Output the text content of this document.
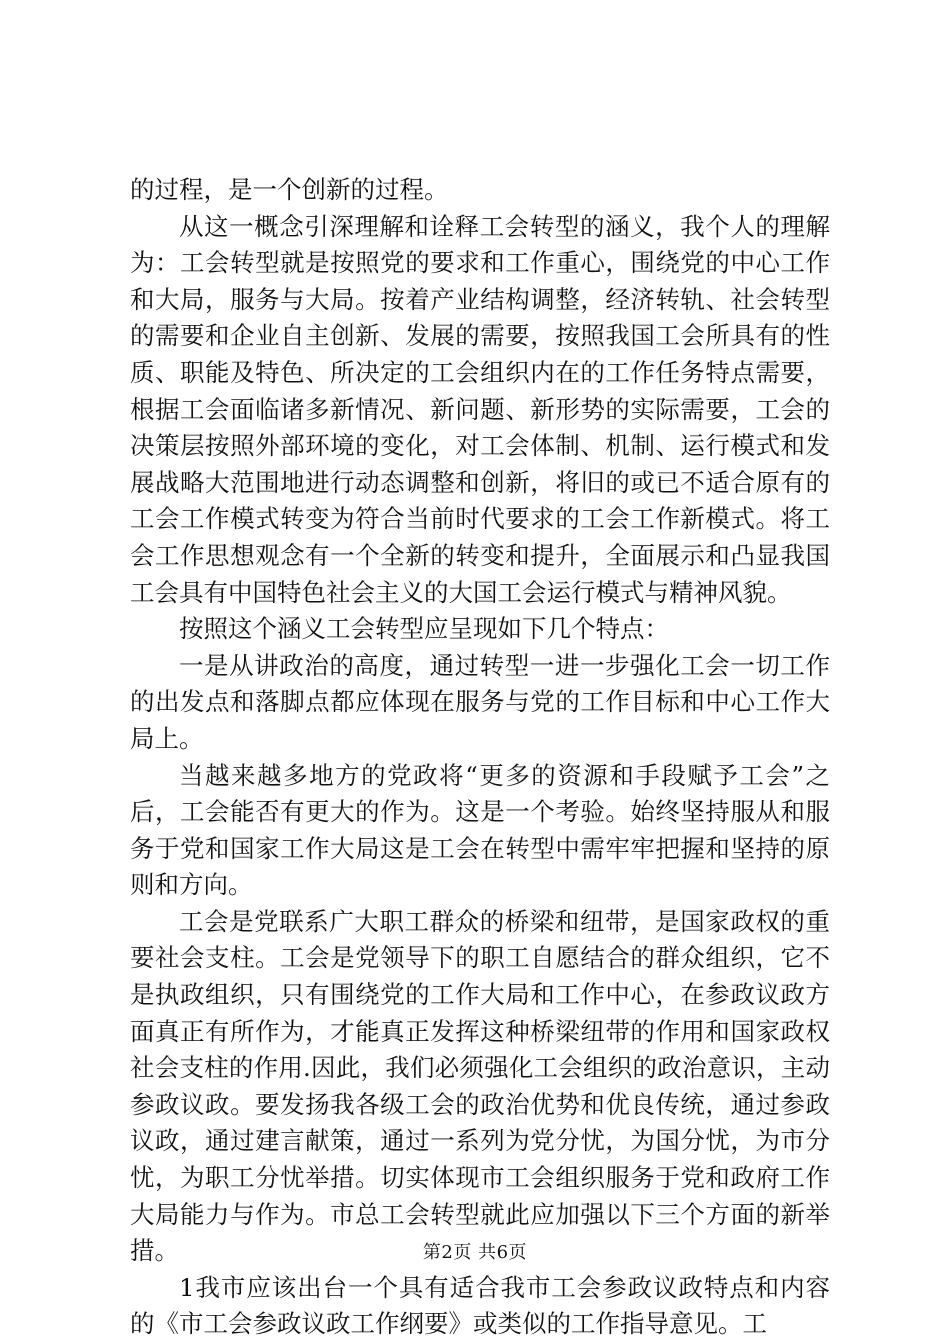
的过程，是一个创新的过程。

从这一概念引深理解和诠释工会转型的涵义，我个人的理解为：工会转型就是按照党的要求和工作重心，围绕党的中心工作和大局，服务与大局。按着产业结构调整，经济转轨、社会转型的需要和企业自主创新、发展的需要，按照我国工会所具有的性质、职能及特色、所决定的工会组织内在的工作任务特点需要，根据工会面临诸多新情况、新问题、新形势的实际需要，工会的决策层按照外部环境的变化，对工会体制、机制、运行模式和发展战略大范围地进行动态调整和创新，将旧的或已不适合原有的工会工作模式转变为符合当前时代要求的工会工作新模式。将工会工作思想观念有一个全新的转变和提升，全面展示和凸显我国工会具有中国特色社会主义的大国工会运行模式与精神风貌。

按照这个涵义工会转型应呈现如下几个特点：

一是从讲政治的高度，通过转型一进一步强化工会一切工作的出发点和落脚点都应体现在服务与党的工作目标和中心工作大局上。

当越来越多地方的党政将“更多的资源和手段赋予工会”之后，工会能否有更大的作为。这是一个考验。始终坚持服从和服务于党和国家工作大局这是工会在转型中需牢牢把握和坚持的原则和方向。

工会是党联系广大职工群众的桥梁和纽带，是国家政权的重要社会支柱。工会是党领导下的职工自愿结合的群众组织，它不是执政组织，只有围绕党的工作大局和工作中心，在参政议政方面真正有所作为，才能真正发挥这种桥梁纽带的作用和国家政权社会支柱的作用.因此，我们必须强化工会组织的政治意识，主动参政议政。要发扬我各级工会的政治优势和优良传统，通过参政议政，通过建言献策，通过一系列为党分忧，为国分忧，为市分忧，为职工分忧举措。切实体现市工会组织服务于党和政府工作大局能力与作为。市总工会转型就此应加强以下三个方面的新举措。

1我市应该出台一个具有适合我市工会参政议政特点和内容的《市工会参政议政工作纲要》或类似的工作指导意见。工

第2页 共6页
